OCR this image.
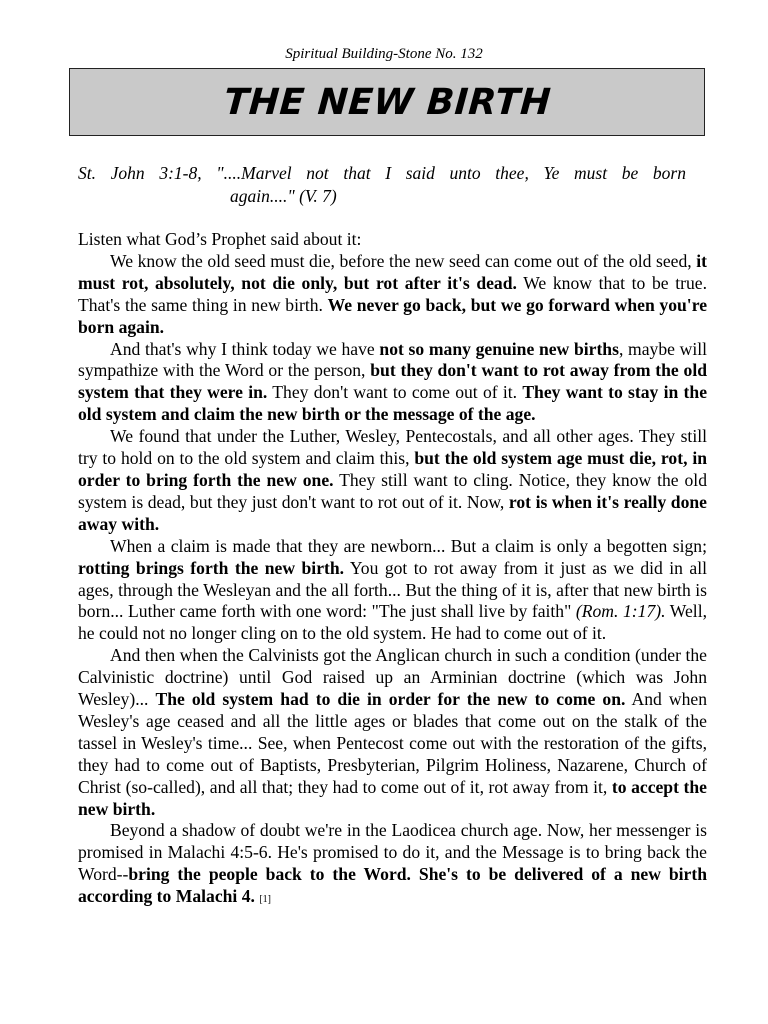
Spiritual Building-Stone No. 132
THE NEW BIRTH
St. John 3:1-8, "....Marvel not that I said unto thee, Ye must be born
again...." (V. 7)

Listen what God’s Prophet said about it:

We know the old seed must die, before the new seed can come out of the old seed, it must rot, absolutely, not die only, but rot after it's dead. We know that to be true. That's the same thing in new birth. We never go back, but we go forward when you're born again.

And that's why I think today we have not so many genuine new births, maybe will sympathize with the Word or the person, but they don't want to rot away from the old system that they were in. They don't want to come out of it. They want to stay in the old system and claim the new birth or the message of the age.

We found that under the Luther, Wesley, Pentecostals, and all other ages. They still try to hold on to the old system and claim this, but the old system age must die, rot, in order to bring forth the new one. They still want to cling. Notice, they know the old system is dead, but they just don't want to rot out of it. Now, rot is when it's really done away with.

When a claim is made that they are newborn... But a claim is only a begotten sign; rotting brings forth the new birth. You got to rot away from it just as we did in all ages, through the Wesleyan and the all forth... But the thing of it is, after that new birth is born... Luther came forth with one word: "The just shall live by faith" (Rom. 1:17). Well, he could not no longer cling on to the old system. He had to come out of it.

And then when the Calvinists got the Anglican church in such a condition (under the Calvinistic doctrine) until God raised up an Arminian doctrine (which was John Wesley)... The old system had to die in order for the new to come on. And when Wesley's age ceased and all the little ages or blades that come out on the stalk of the tassel in Wesley's time... See, when Pentecost come out with the restoration of the gifts, they had to come out of Baptists, Presbyterian, Pilgrim Holiness, Nazarene, Church of Christ (so-called), and all that; they had to come out of it, rot away from it, to accept the new birth.

Beyond a shadow of doubt we're in the Laodicea church age. Now, her messenger is promised in Malachi 4:5-6. He's promised to do it, and the Message is to bring back the Word--bring the people back to the Word. She's to be delivered of a new birth according to Malachi 4. [1]
